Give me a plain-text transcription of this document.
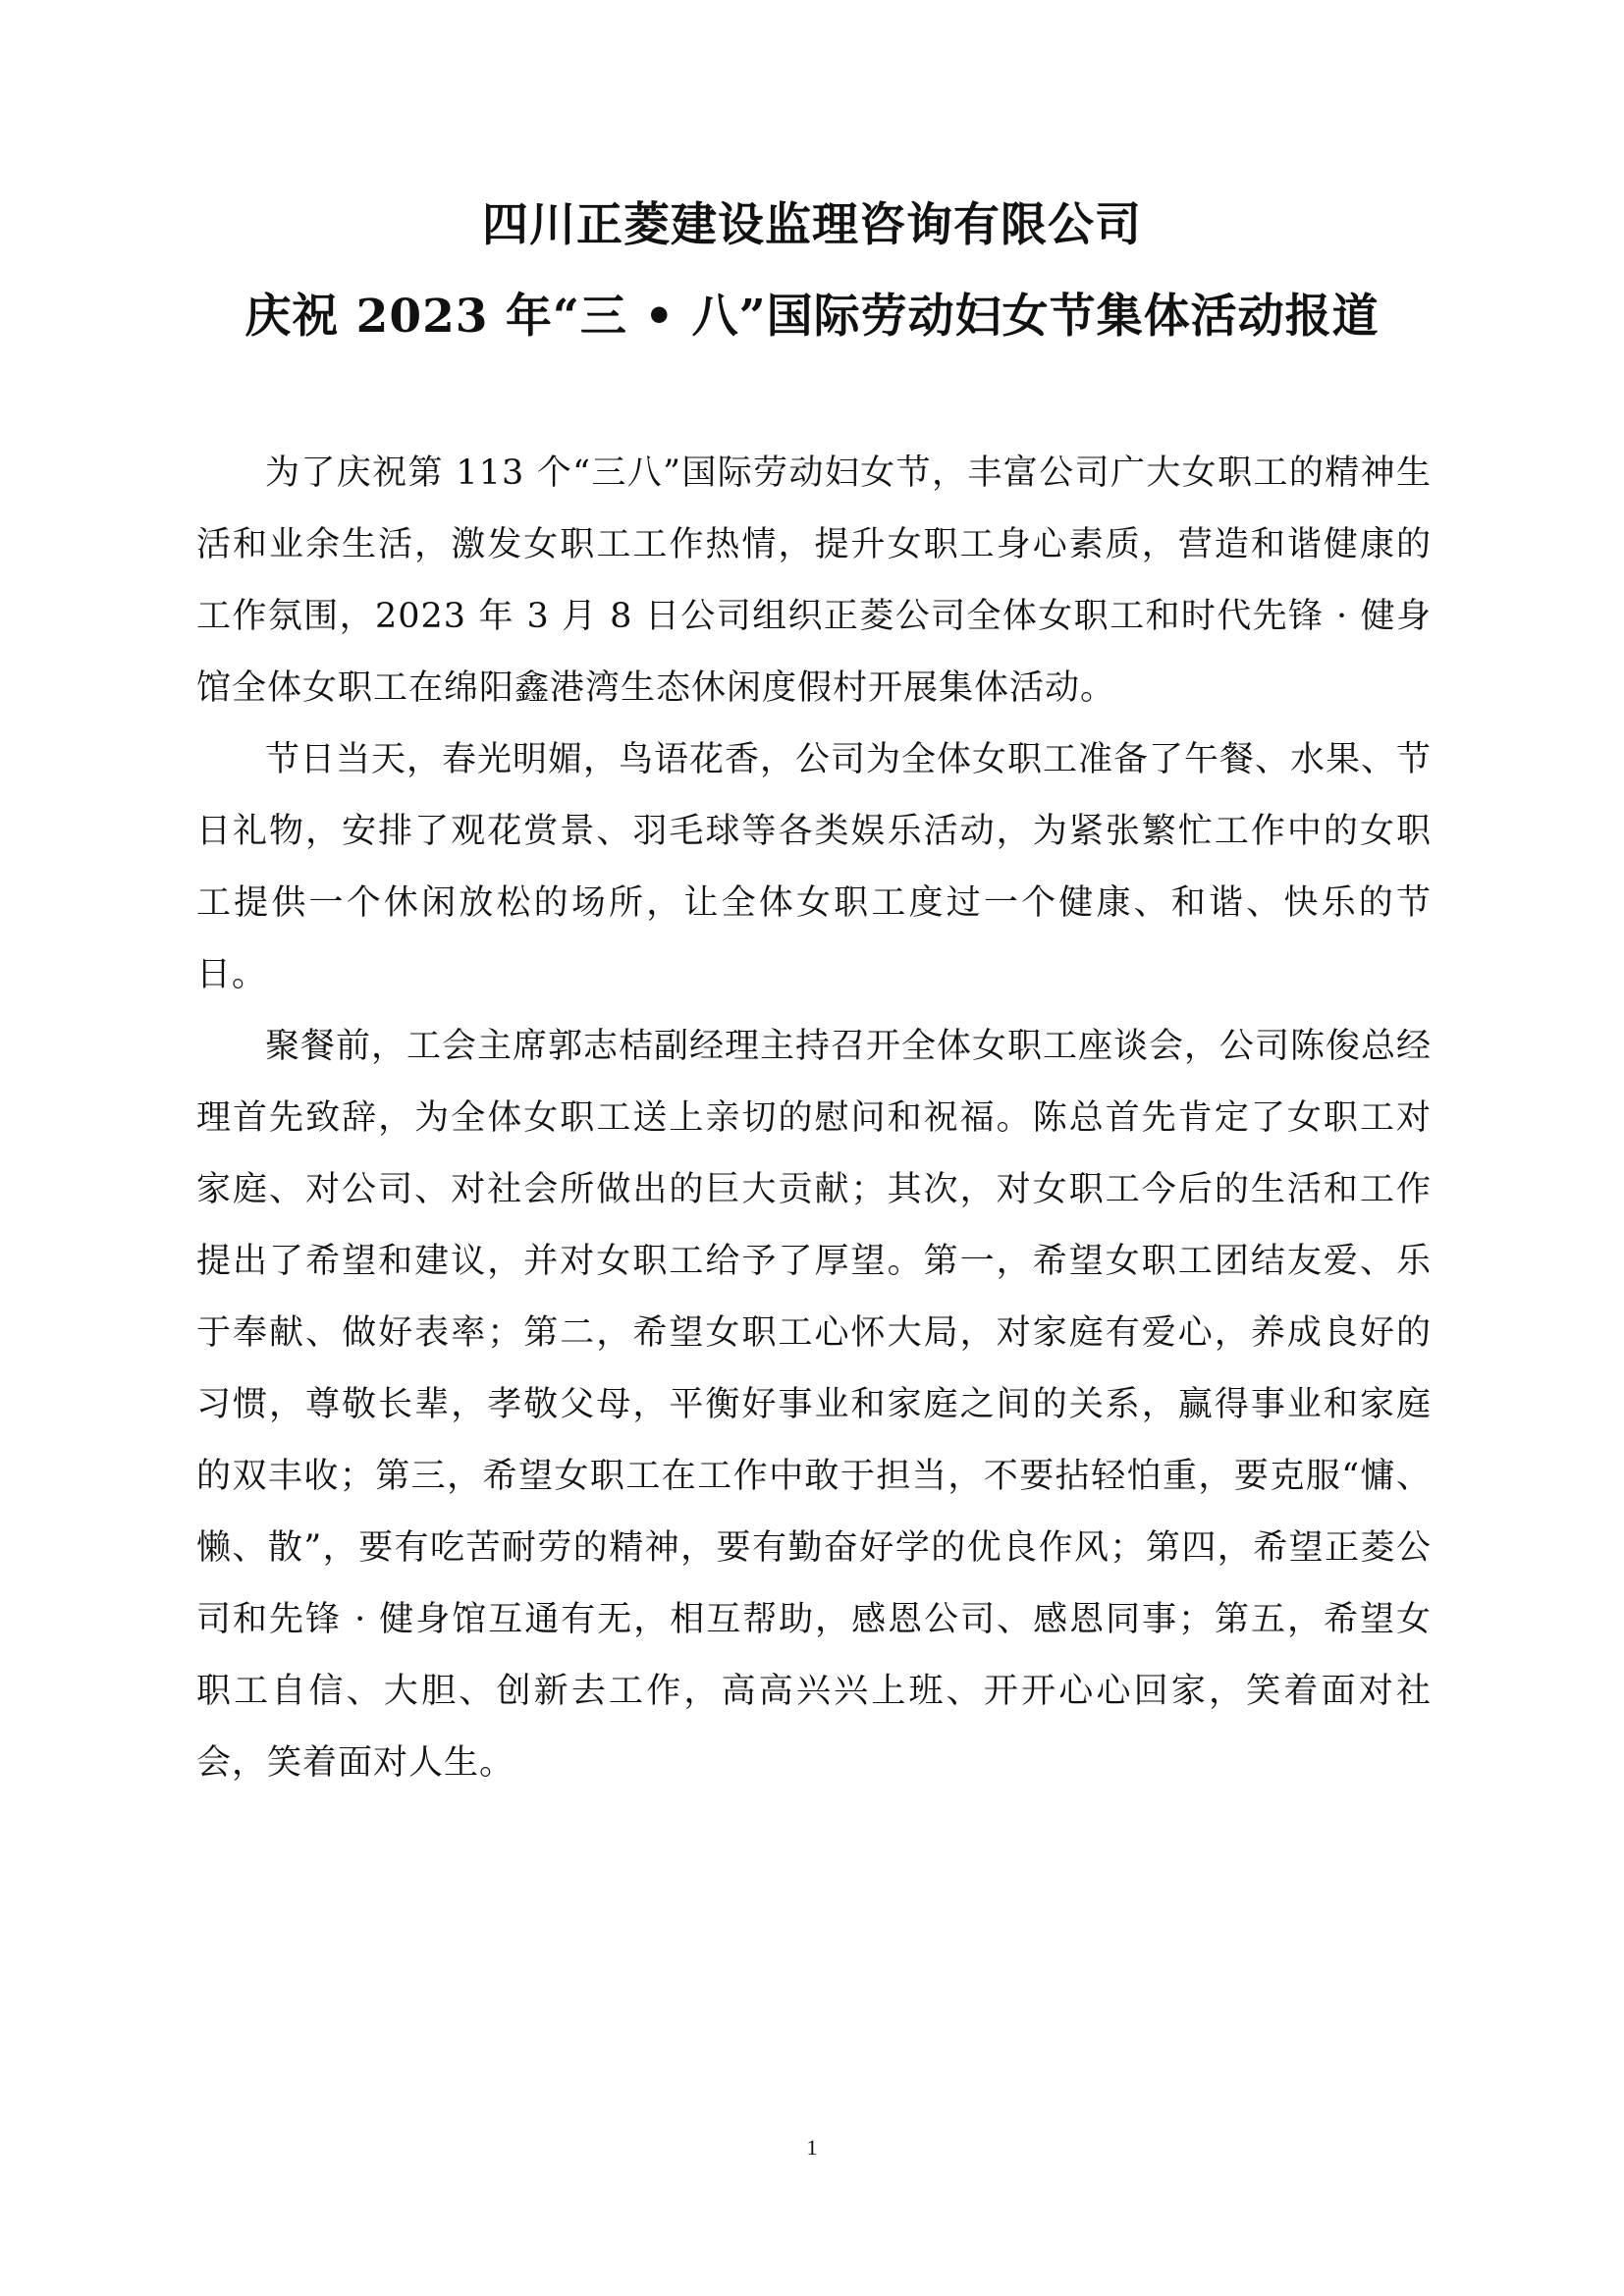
四川正菱建设监理咨询有限公司
庆祝 2023 年“三 • 八”国际劳动妇女节集体活动报道

为了庆祝第 113 个“三八”国际劳动妇女节，丰富公司广大女职工的精神生活和业余生活，激发女职工工作热情，提升女职工身心素质，营造和谐健康的工作氛围，2023 年 3 月 8 日公司组织正菱公司全体女职工和时代先锋 · 健身馆全体女职工在绵阳鑫港湾生态休闲度假村开展集体活动。

节日当天，春光明媚，鸟语花香，公司为全体女职工准备了午餐、水果、节日礼物，安排了观花赏景、羽毛球等各类娱乐活动，为紧张繁忙工作中的女职工提供一个休闲放松的场所，让全体女职工度过一个健康、和谐、快乐的节日。

聚餐前，工会主席郭志桔副经理主持召开全体女职工座谈会，公司陈俊总经理首先致辞，为全体女职工送上亲切的慰问和祝福。陈总首先肯定了女职工对家庭、对公司、对社会所做出的巨大贡献；其次，对女职工今后的生活和工作提出了希望和建议，并对女职工给予了厚望。第一，希望女职工团结友爱、乐于奉献、做好表率；第二，希望女职工心怀大局，对家庭有爱心，养成良好的习惯，尊敬长辈，孝敬父母，平衡好事业和家庭之间的关系，赢得事业和家庭的双丰收；第三，希望女职工在工作中敢于担当，不要拈轻怕重，要克服“慵、懒、散”，要有吃苦耐劳的精神，要有勤奋好学的优良作风；第四，希望正菱公司和先锋 · 健身馆互通有无，相互帮助，感恩公司、感恩同事；第五，希望女职工自信、大胆、创新去工作，高高兴兴上班、开开心心回家，笑着面对社会，笑着面对人生。

1
